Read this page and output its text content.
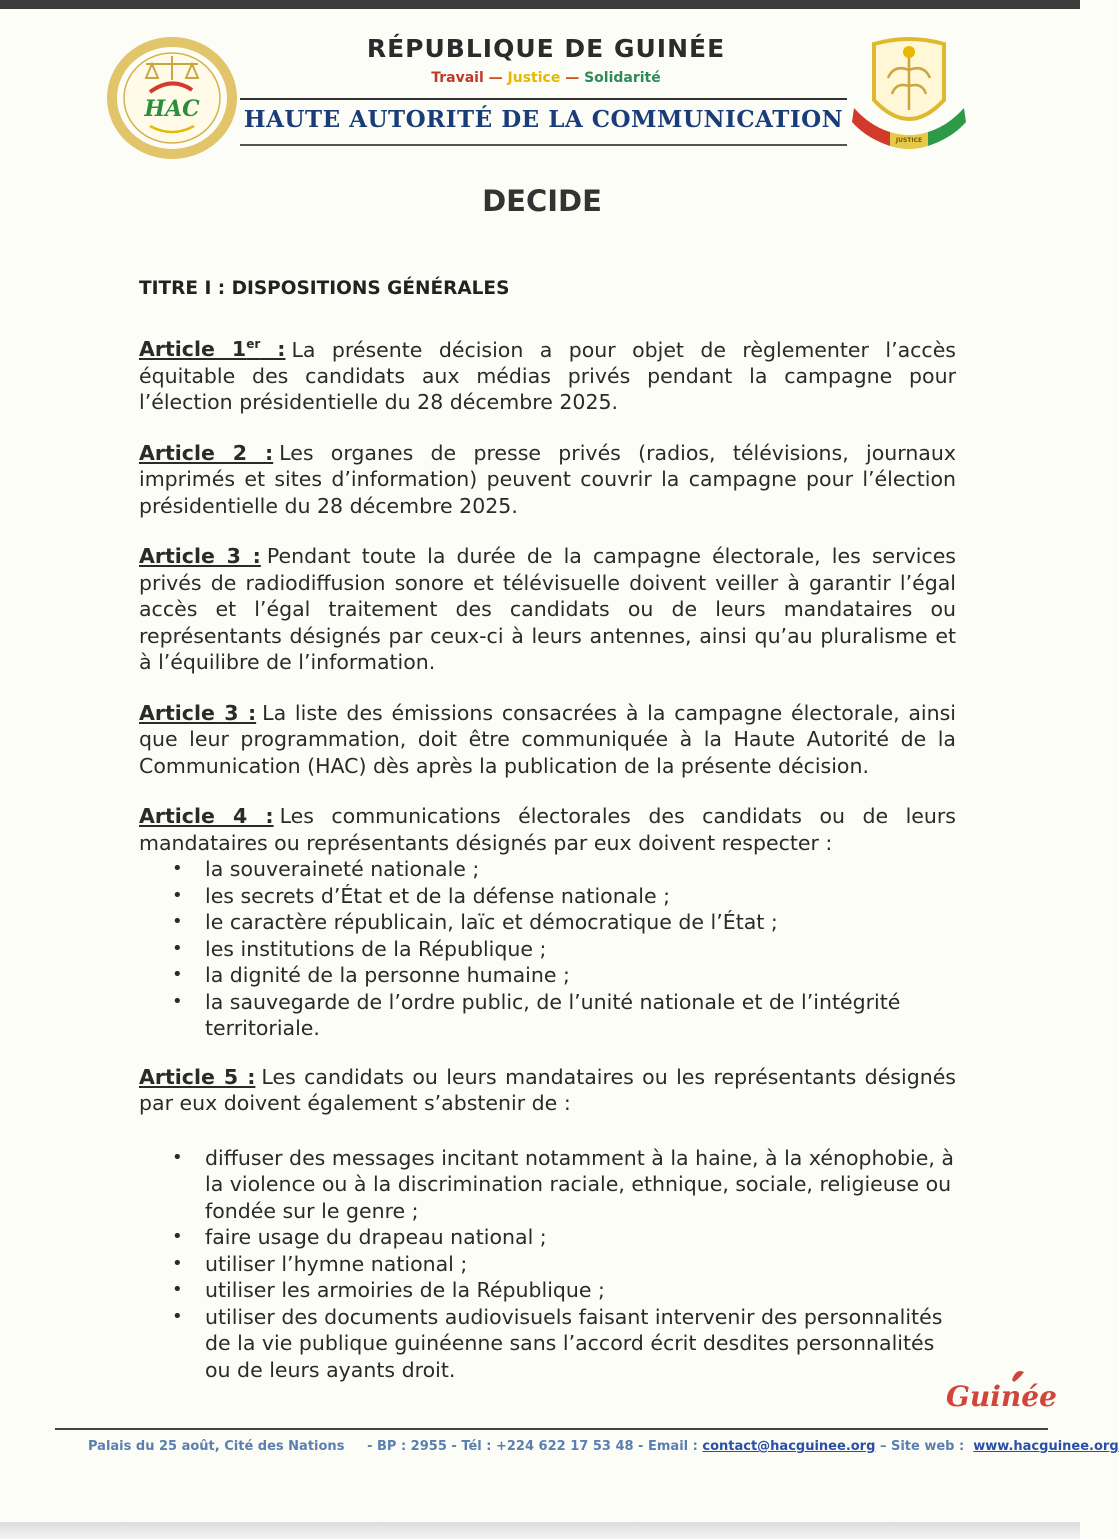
HAC
JUSTICE
RÉPUBLIQUE DE GUINÉE
Travail — Justice — Solidarité
HAUTE AUTORITÉ DE LA COMMUNICATION
DECIDE
TITRE I : DISPOSITIONS GÉNÉRALES
Article 1er : La présente décision a pour objet de règlementer l’accès équitable des candidats aux médias privés pendant la campagne pour l’élection présidentielle du 28 décembre 2025.
Article 2 : Les organes de presse privés (radios, télévisions, journaux imprimés et sites d’information) peuvent couvrir la campagne pour l’élection présidentielle du 28 décembre 2025.
Article 3 : Pendant toute la durée de la campagne électorale, les services privés de radiodiffusion sonore et télévisuelle doivent veiller à garantir l’égal accès et l’égal traitement des candidats ou de leurs mandataires ou représentants désignés par ceux-ci à leurs antennes, ainsi qu’au pluralisme et à l’équilibre de l’information.
Article 3 : La liste des émissions consacrées à la campagne électorale, ainsi que leur programmation, doit être communiquée à la Haute Autorité de la Communication (HAC) dès après la publication de la présente décision.
Article 4 : Les communications électorales des candidats ou de leurs mandataires ou représentants désignés par eux doivent respecter :
• la souveraineté nationale ;
• les secrets d’État et de la défense nationale ;
• le caractère républicain, laïc et démocratique de l’État ;
• les institutions de la République ;
• la dignité de la personne humaine ;
• la sauvegarde de l’ordre public, de l’unité nationale et de l’intégrité territoriale.
Article 5 : Les candidats ou leurs mandataires ou les représentants désignés par eux doivent également s’abstenir de :
• diffuser des messages incitant notamment à la haine, à la xénophobie, à la violence ou à la discrimination raciale, ethnique, sociale, religieuse ou fondée sur le genre ;
• faire usage du drapeau national ;
• utiliser l’hymne national ;
• utiliser les armoiries de la République ;
• utiliser des documents audiovisuels faisant intervenir des personnalités de la vie publique guinéenne sans l’accord écrit desdites personnalités ou de leurs ayants droit.
Guinée
Palais du 25 août, Cité des Nations - BP : 2955 - Tél : +224 622 17 53 48 - Email : contact@hacguinee.org – Site web : www.hacguinee.org
